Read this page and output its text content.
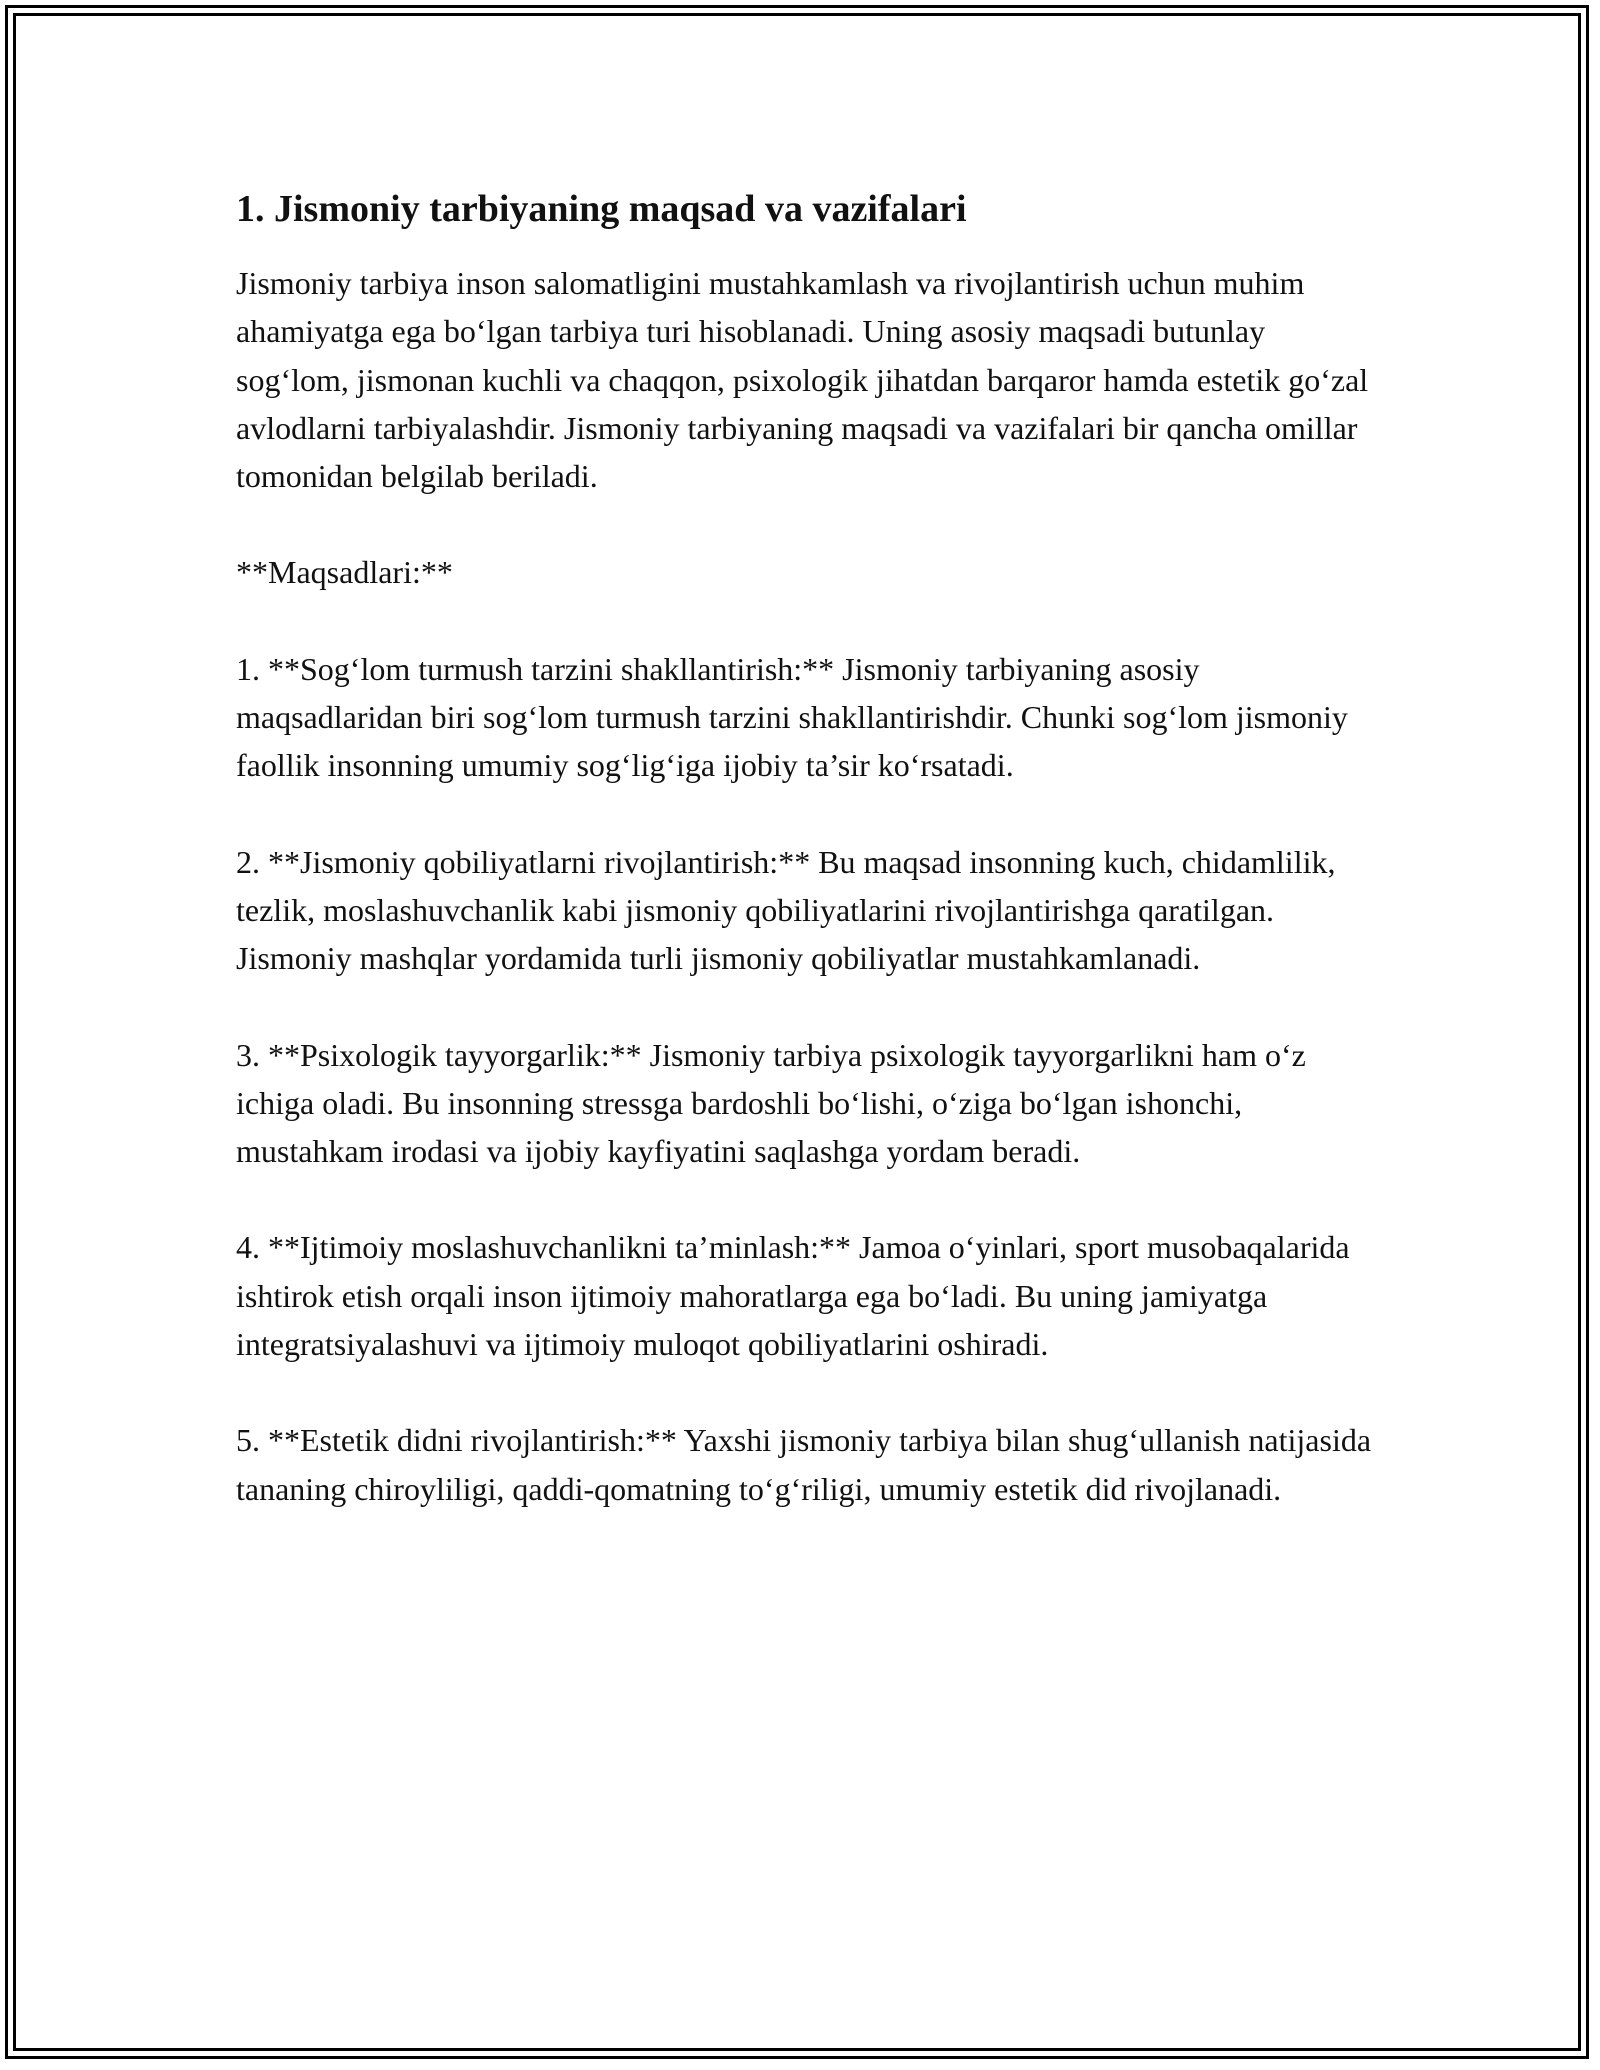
1. Jismoniy tarbiyaning maqsad va vazifalari

Jismoniy tarbiya inson salomatligini mustahkamlash va rivojlantirish uchun muhim ahamiyatga ega bo‘lgan tarbiya turi hisoblanadi. Uning asosiy maqsadi butunlay sog‘lom, jismonan kuchli va chaqqon, psixologik jihatdan barqaror hamda estetik go‘zal avlodlarni tarbiyalashdir. Jismoniy tarbiyaning maqsadi va vazifalari bir qancha omillar tomonidan belgilab beriladi.

**Maqsadlari:**

1. **Sog‘lom turmush tarzini shakllantirish:** Jismoniy tarbiyaning asosiy maqsadlaridan biri sog‘lom turmush tarzini shakllantirishdir. Chunki sog‘lom jismoniy faollik insonning umumiy sog‘lig‘iga ijobiy ta’sir ko‘rsatadi.

2. **Jismoniy qobiliyatlarni rivojlantirish:** Bu maqsad insonning kuch, chidamlilik, tezlik, moslashuvchanlik kabi jismoniy qobiliyatlarini rivojlantirishga qaratilgan. Jismoniy mashqlar yordamida turli jismoniy qobiliyatlar mustahkamlanadi.

3. **Psixologik tayyorgarlik:** Jismoniy tarbiya psixologik tayyorgarlikni ham o‘z ichiga oladi. Bu insonning stressga bardoshli bo‘lishi, o‘ziga bo‘lgan ishonchi, mustahkam irodasi va ijobiy kayfiyatini saqlashga yordam beradi.

4. **Ijtimoiy moslashuvchanlikni ta’minlash:** Jamoa o‘yinlari, sport musobaqalarida ishtirok etish orqali inson ijtimoiy mahoratlarga ega bo‘ladi. Bu uning jamiyatga integratsiyalashuvi va ijtimoiy muloqot qobiliyatlarini oshiradi.

5. **Estetik didni rivojlantirish:** Yaxshi jismoniy tarbiya bilan shug‘ullanish natijasida tananing chiroyliligi, qaddi-qomatning to‘g‘riligi, umumiy estetik did rivojlanadi.
